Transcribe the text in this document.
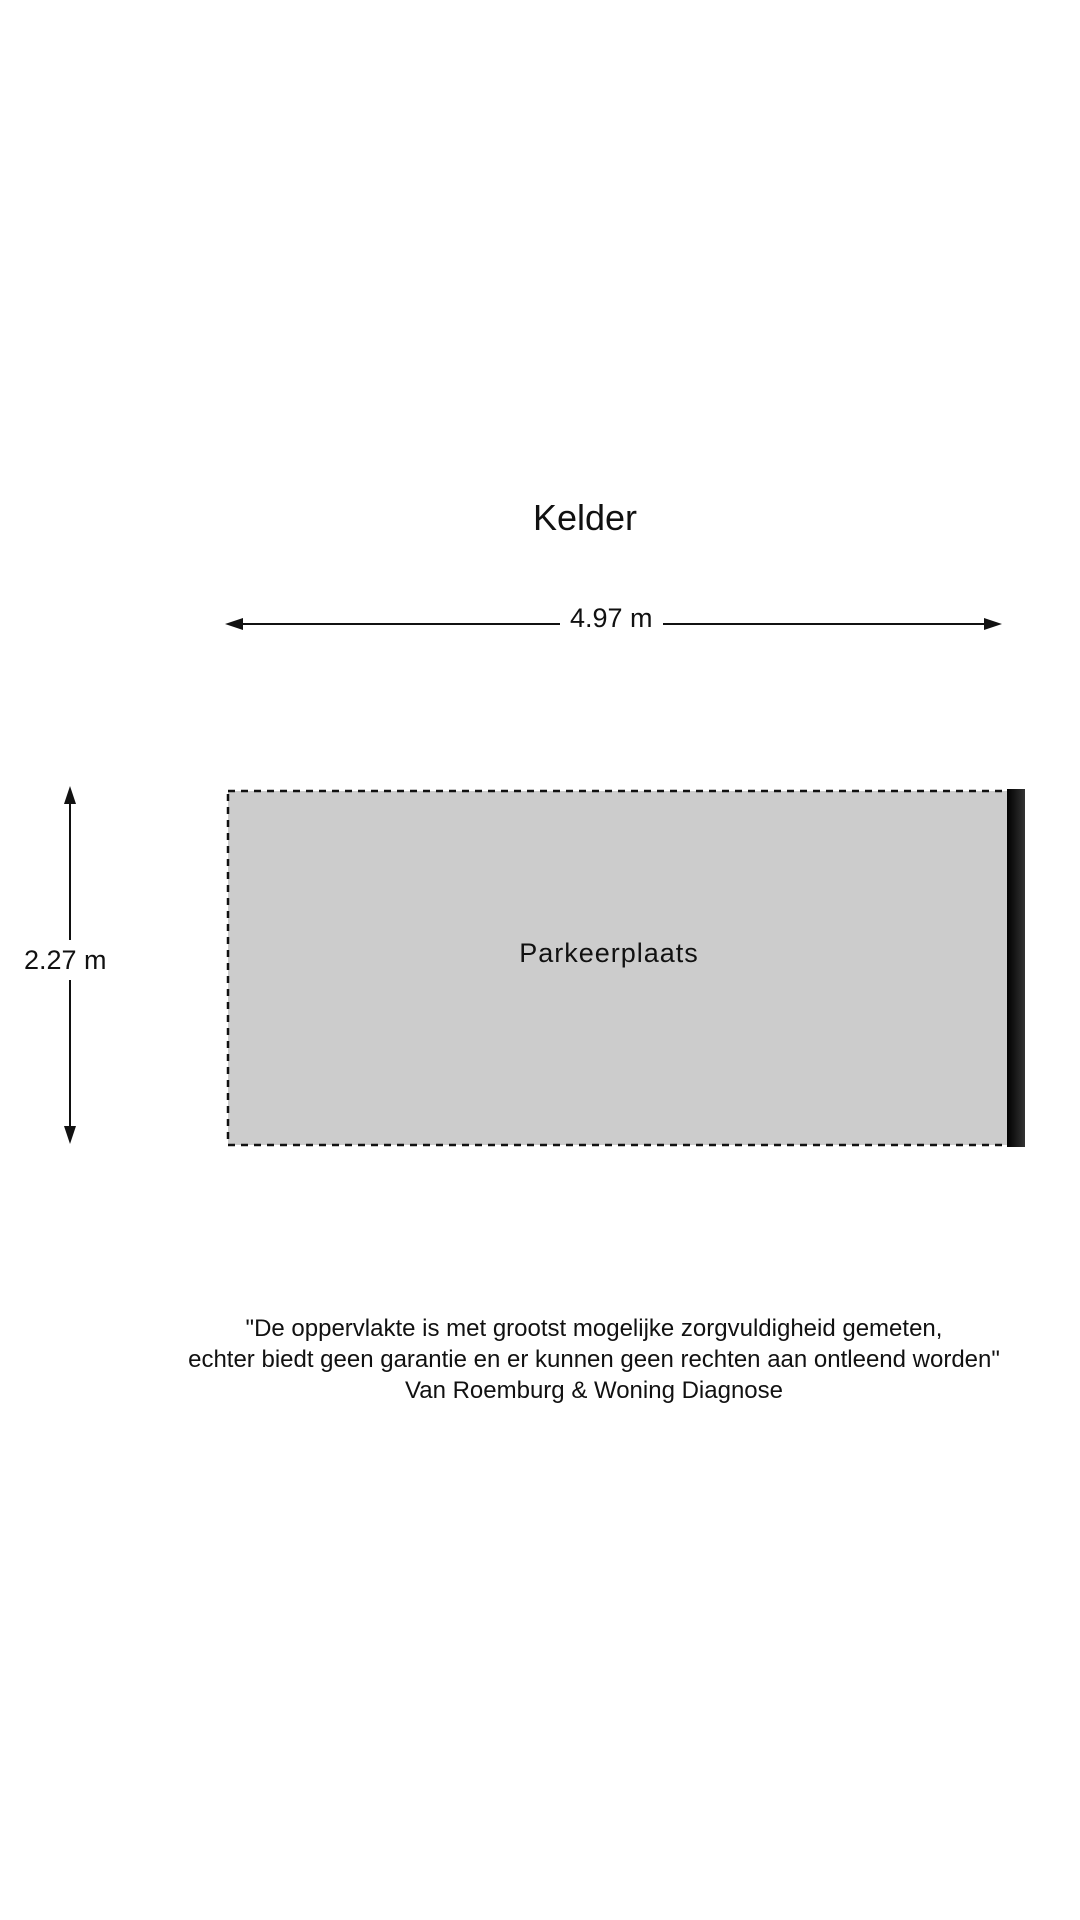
Kelder
4.97 m
2.27 m	Parkeerplaats
"De oppervlakte is met grootst mogelijke zorgvuldigheid gemeten,
echter biedt geen garantie en er kunnen geen rechten aan ontleend worden"
Van Roemburg & Woning Diagnose
